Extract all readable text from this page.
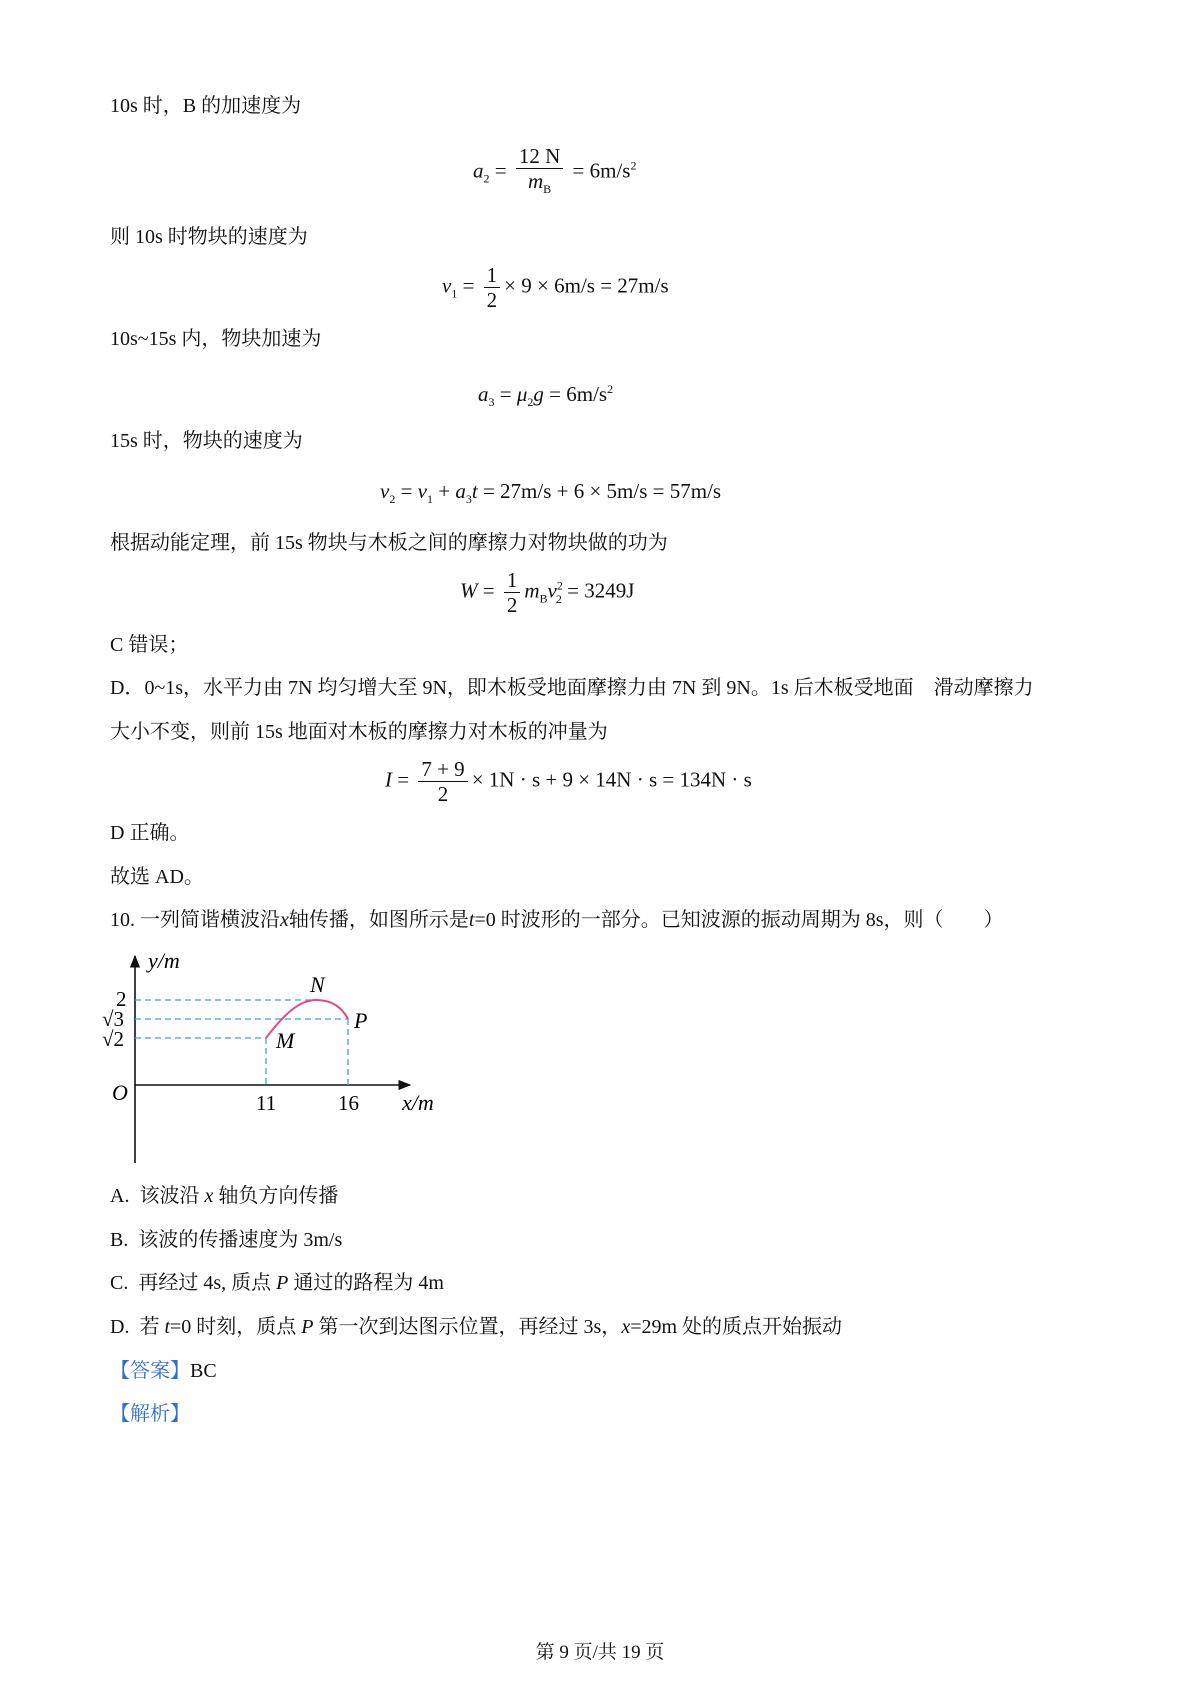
10s 时，B 的加速度为
$a_2 = \frac{12 N}{m_B} = 6m/s^2$
则 10s 时物块的速度为
$v_1 = \frac{1}{2} \times 9 \times 6m/s = 27m/s$
10s~15s 内，物块加速为
$a_3 = \mu_2g = 6m/s^2$
15s 时，物块的速度为
$v_2 = v_1 + a_3t = 27m/s + 6 \times 5m/s = 57m/s$
根据动能定理，前 15s 物块与木板之间的摩擦力对物块做的功为
$W = \frac{1}{2} m_Bv^2_2 = 3249J$
C 错误；
D．0~1s，水平力由 7N 均匀增大至 9N，即木板受地面摩擦力由 7N 到 9N。1s 后木板受地面　滑动摩擦力
大小不变，则前 15s 地面对木板的摩擦力对木板的冲量为
$I = \frac{7 + 9}{2} \times 1N \cdot s + 9 \times 14N \cdot s = 134N \cdot s$
D 正确。
故选 AD。
10. 一列简谐横波沿x轴传播，如图所示是t=0 时波形的一部分。已知波源的振动周期为 8s，则（　　）
y/m
x/m
O
2
√3
√2
11	16
N
M
P
A. 该波沿 x 轴负方向传播
B. 该波的传播速度为 3m/s
C. 再经过 4s, 质点 P 通过的路程为 4m
D. 若 t=0 时刻，质点 P 第一次到达图示位置，再经过 3s，x=29m 处的质点开始振动
【答案】BC
【解析】
第 9 页/共 19 页
